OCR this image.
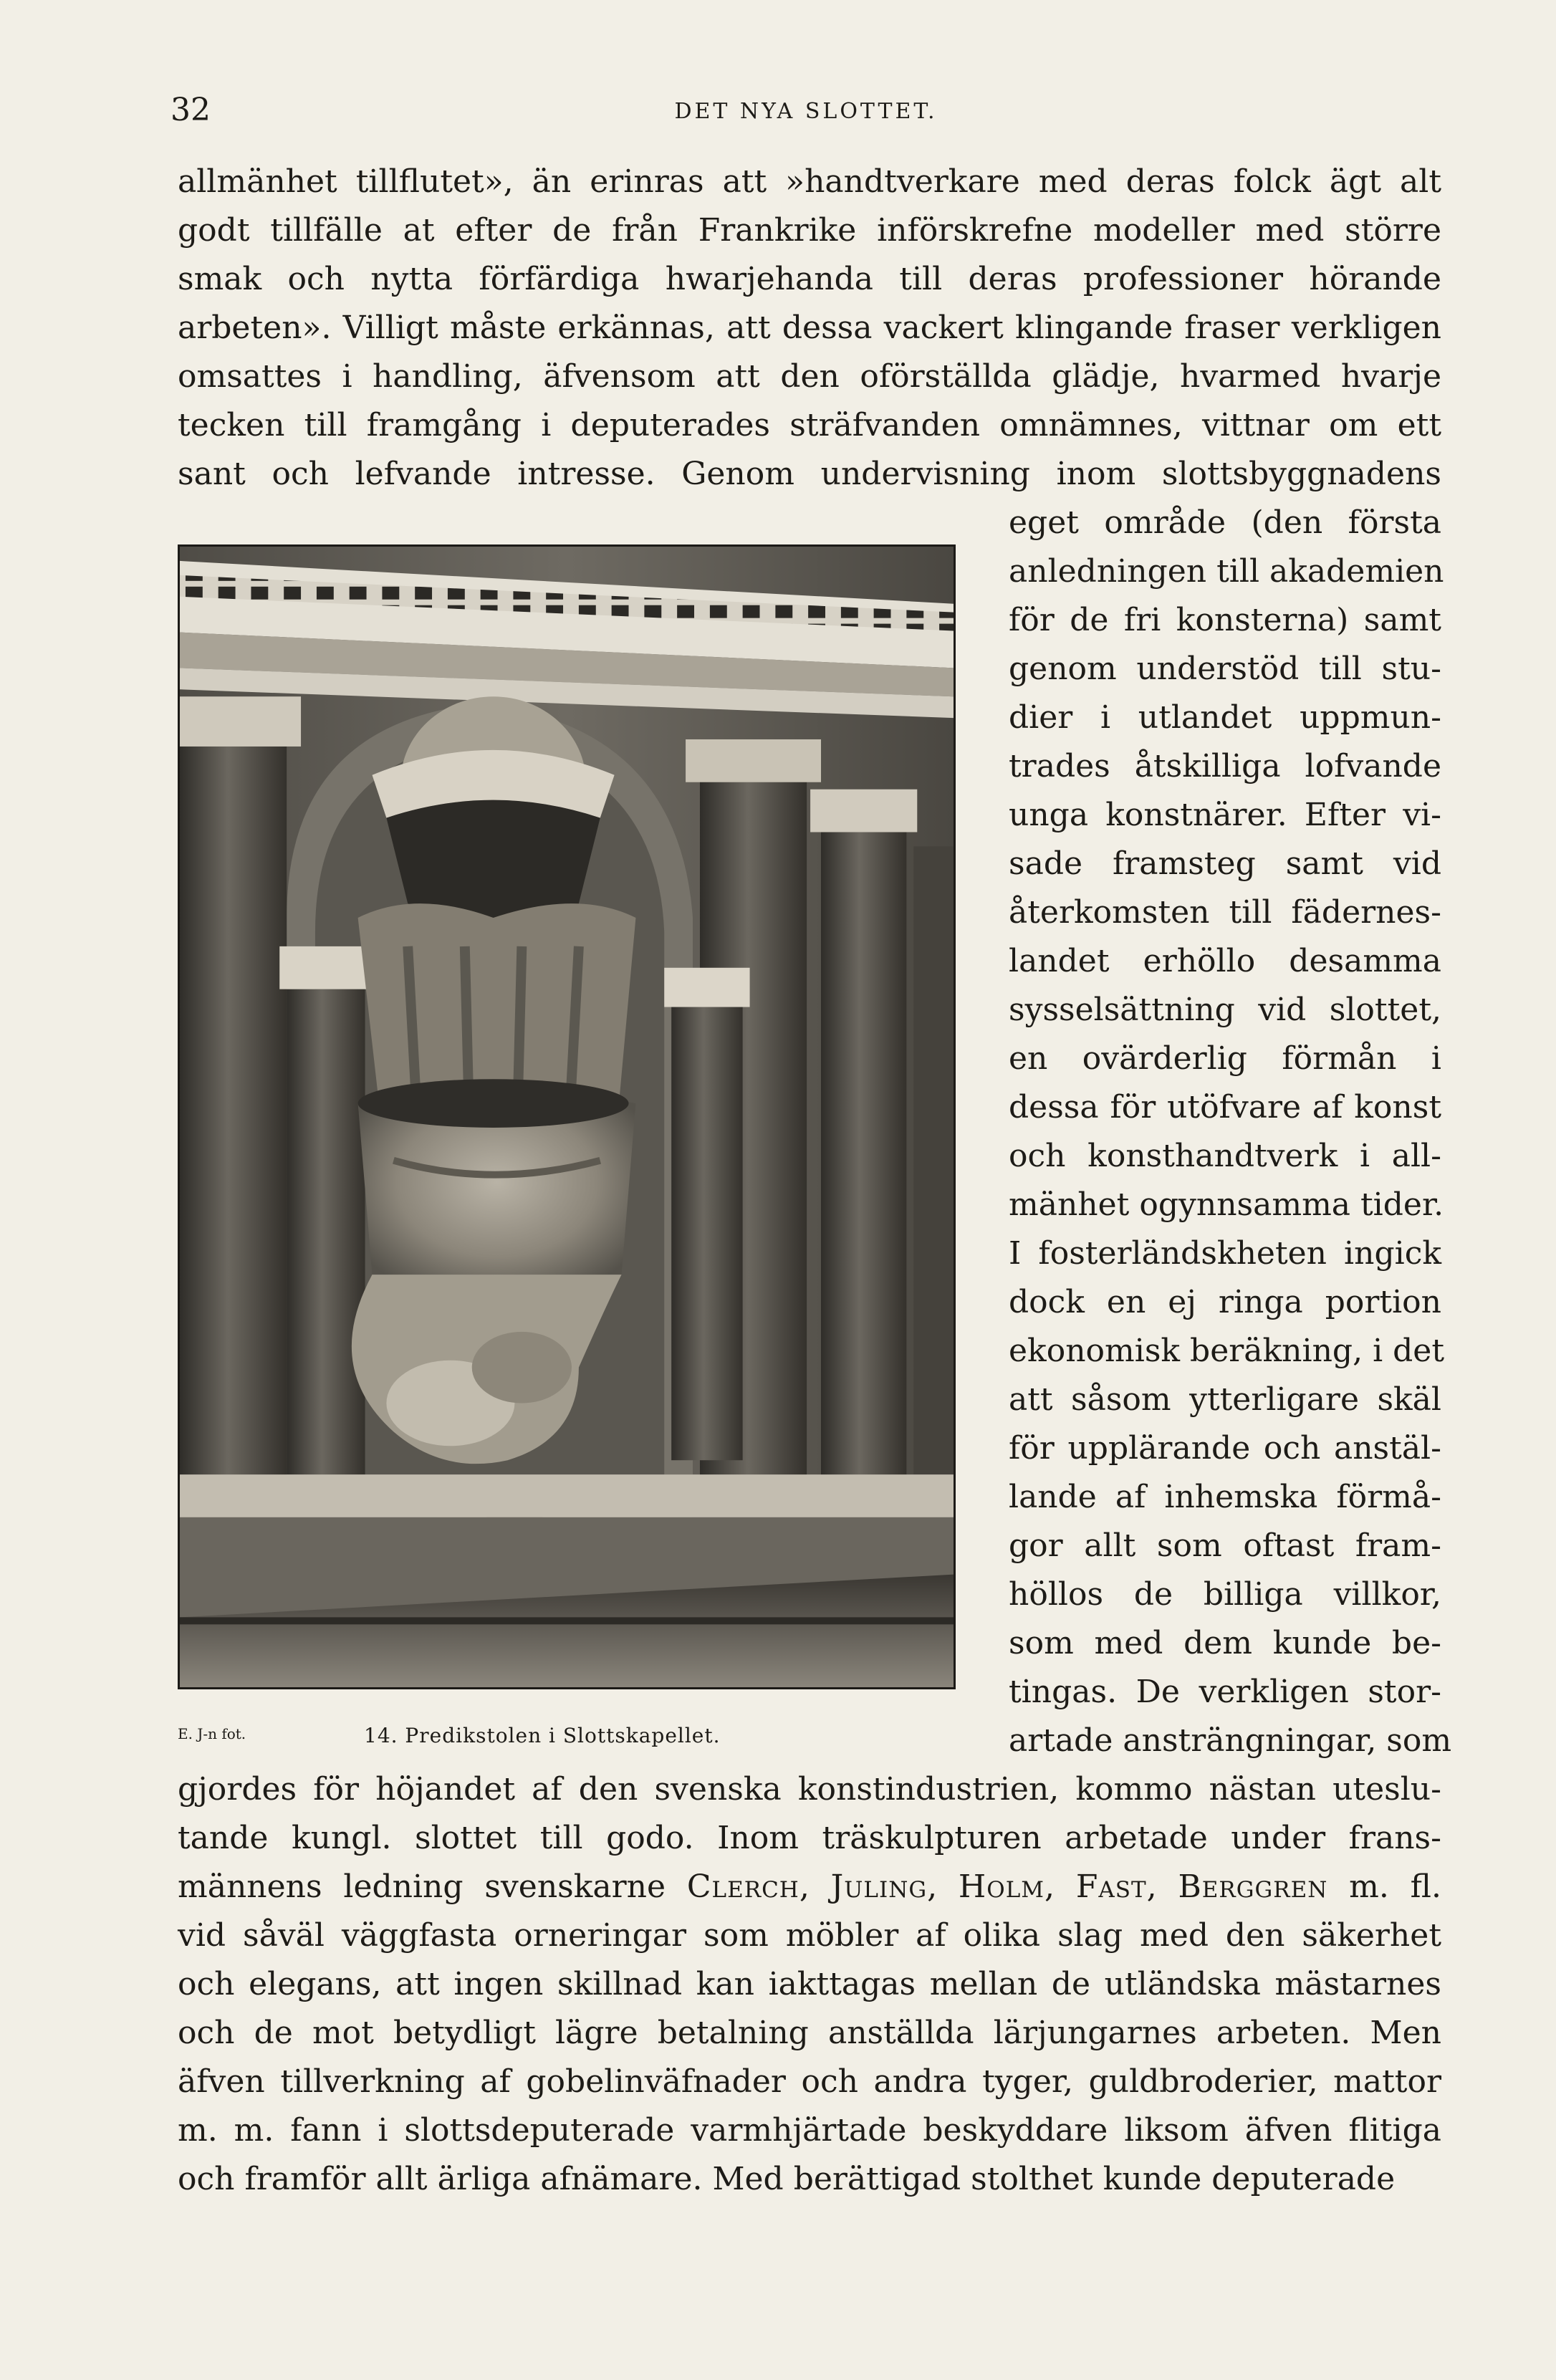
32	DET NYA SLOTTET.
allmänhet tillflutet», än erinras att »handtverkare med deras folck ägt alt
godt tillfälle at efter de från Frankrike införskrefne modeller med större
smak och nytta förfärdiga hwarjehanda till deras professioner hörande
arbeten». Villigt måste erkännas, att dessa vackert klingande fraser verkligen
omsattes i handling, äfvensom att den oförställda glädje, hvarmed hvarje
tecken till framgång i deputerades sträfvanden omnämnes, vittnar om ett
sant och lefvande intresse. Genom undervisning inom slottsbyggnadens
eget område (den första
anledningen till akademien
för de fri konsterna) samt
genom understöd till stu-
dier i utlandet uppmun-
trades åtskilliga lofvande
unga konstnärer. Efter vi-
sade framsteg samt vid
återkomsten till fädernes-
landet erhöllo desamma
sysselsättning vid slottet,
en ovärderlig förmån i
dessa för utöfvare af konst
och konsthandtverk i all-
mänhet ogynnsamma tider.
I fosterländskheten ingick
dock en ej ringa portion
ekonomisk beräkning, i det
att såsom ytterligare skäl
för upplärande och anstäl-
lande af inhemska förmå-
gor allt som oftast fram-
höllos de billiga villkor,
som med dem kunde be-
tingas. De verkligen stor-
artade ansträngningar, som
gjordes för höjandet af den svenska konstindustrien, kommo nästan uteslu-
tande kungl. slottet till godo. Inom träskulpturen arbetade under frans-
männens ledning svenskarne Clerch, Juling, Holm, Fast, Berggren m. fl.
vid såväl väggfasta orneringar som möbler af olika slag med den säkerhet
och elegans, att ingen skillnad kan iakttagas mellan de utländska mästarnes
och de mot betydligt lägre betalning anställda lärjungarnes arbeten. Men
äfven tillverkning af gobelinväfnader och andra tyger, guldbroderier, mattor
m. m. fann i slottsdeputerade varmhjärtade beskyddare liksom äfven flitiga
och framför allt ärliga afnämare. Med berättigad stolthet kunde deputerade
E. J-n fot.	14. Predikstolen i Slottskapellet.
